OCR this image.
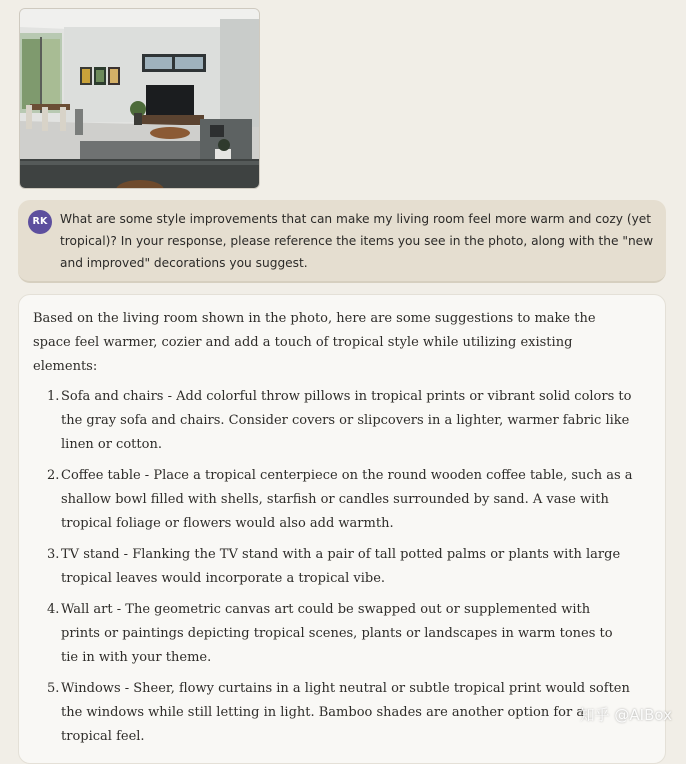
RK	What are some style improvements that can make my living room feel more warm and cozy (yet tropical)? In your response, please reference the items you see in the photo, along with the "new and improved" decorations you suggest.

Based on the living room shown in the photo, here are some suggestions to make the space feel warmer, cozier and add a touch of tropical style while utilizing existing elements:

1. Sofa and chairs - Add colorful throw pillows in tropical prints or vibrant solid colors to the gray sofa and chairs. Consider covers or slipcovers in a lighter, warmer fabric like linen or cotton.
2. Coffee table - Place a tropical centerpiece on the round wooden coffee table, such as a shallow bowl filled with shells, starfish or candles surrounded by sand. A vase with tropical foliage or flowers would also add warmth.
3. TV stand - Flanking the TV stand with a pair of tall potted palms or plants with large tropical leaves would incorporate a tropical vibe.
4. Wall art - The geometric canvas art could be swapped out or supplemented with prints or paintings depicting tropical scenes, plants or landscapes in warm tones to tie in with your theme.
5. Windows - Sheer, flowy curtains in a light neutral or subtle tropical print would soften the windows while still letting in light. Bamboo shades are another option for a tropical feel.
知乎 @AIBox
